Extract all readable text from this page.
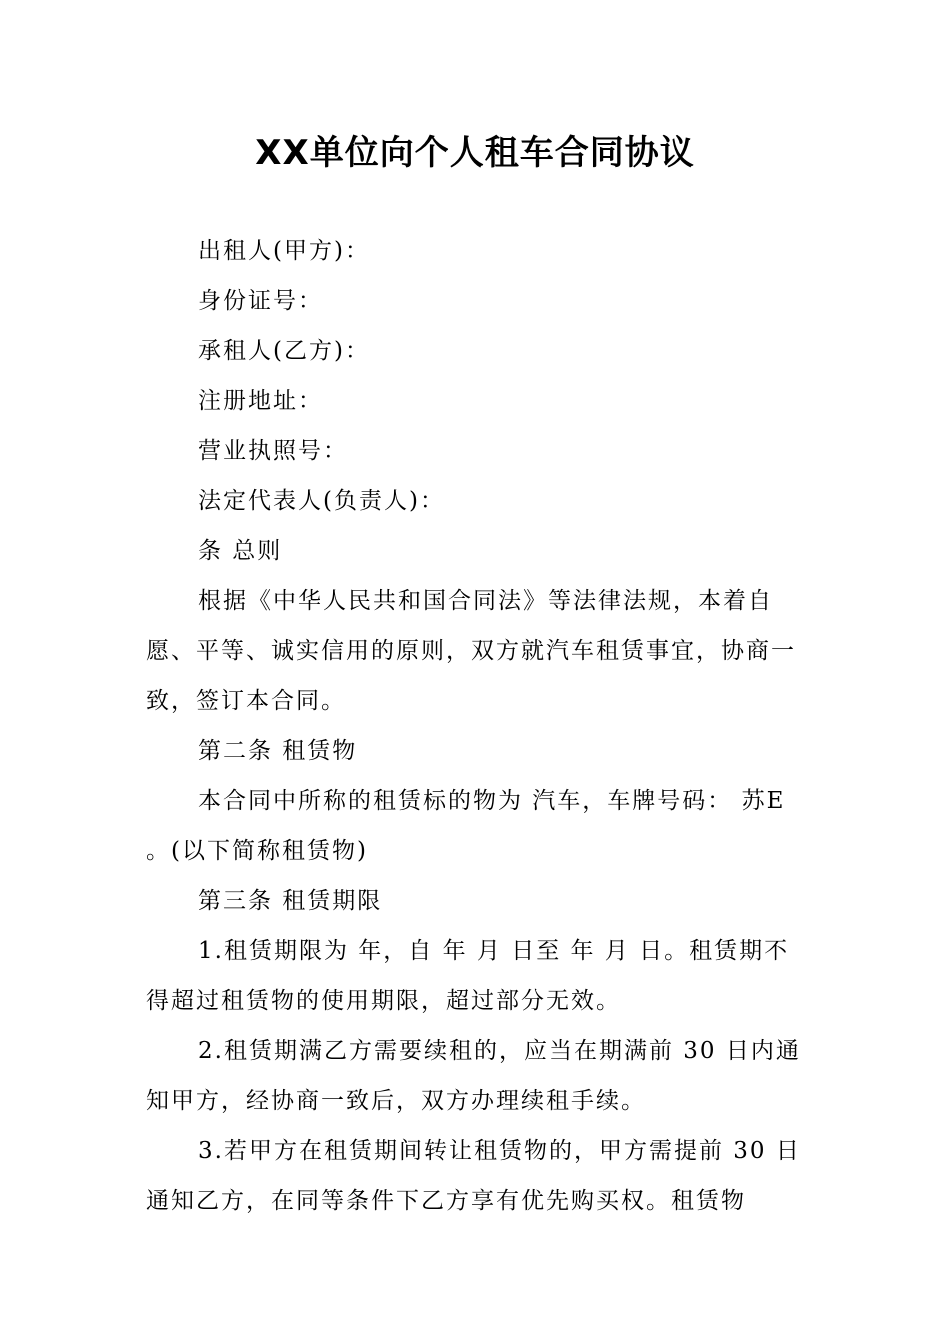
XX单位向个人租车合同协议

出租人(甲方)：

身份证号：

承租人(乙方)：

注册地址：

营业执照号：

法定代表人(负责人)：

条 总则

根据《中华人民共和国合同法》等法律法规，本着自愿、平等、诚实信用的原则，双方就汽车租赁事宜，协商一致，签订本合同。

第二条 租赁物

本合同中所称的租赁标的物为 汽车，车牌号码： 苏E 。(以下简称租赁物)

第三条 租赁期限

1.租赁期限为 年，自 年 月 日至 年 月 日。租赁期不得超过租赁物的使用期限，超过部分无效。

2.租赁期满乙方需要续租的，应当在期满前 30 日内通知甲方，经协商一致后，双方办理续租手续。

3.若甲方在租赁期间转让租赁物的，甲方需提前 30 日通知乙方，在同等条件下乙方享有优先购买权。租赁物
